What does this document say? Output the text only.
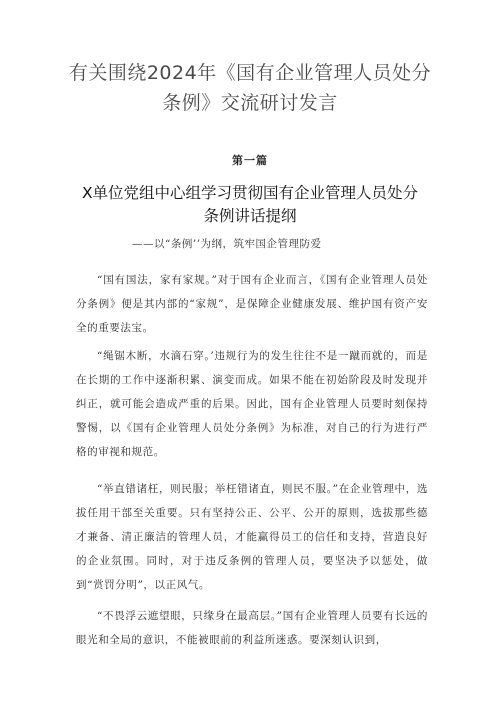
有关围绕2024年《国有企业管理人员处分条例》交流研讨发言
第一篇
X单位党组中心组学习贯彻国有企业管理人员处分条例讲话提纲
——以“条例’’为纲，筑牢国企管理防爱

“国有国法，家有家规。”对于国有企业而言，《国有企业管理人员处分条例》便是其内部的“家规”，是保障企业健康发展、维护国有资产安全的重要法宝。

“绳锯木断，水滴石穿。’违规行为的发生往往不是一蹴而就的，而是在长期的工作中逐渐积累、演变而成。如果不能在初始阶段及时发现并纠正，就可能会造成严重的后果。因此，国有企业管理人员要时刻保持警惕，以《国有企业管理人员处分条例》为标准，对自己的行为进行严格的审视和规范。

“举直错诸枉，则民服；举枉错诸直，则民不服。”在企业管理中，选拔任用干部至关重要。只有坚持公正、公平、公开的原则，选拔那些德才兼备、清正廉洁的管理人员，才能赢得员工的信任和支持，营造良好的企业氛围。同时，对于违反条例的管理人员，要坚决予以惩处，做到“赏罚分明”，以正风气。

“不畏浮云遮望眼，只缘身在最高层。”国有企业管理人员要有长远的眼光和全局的意识，不能被眼前的利益所迷惑。要深刻认识到，
